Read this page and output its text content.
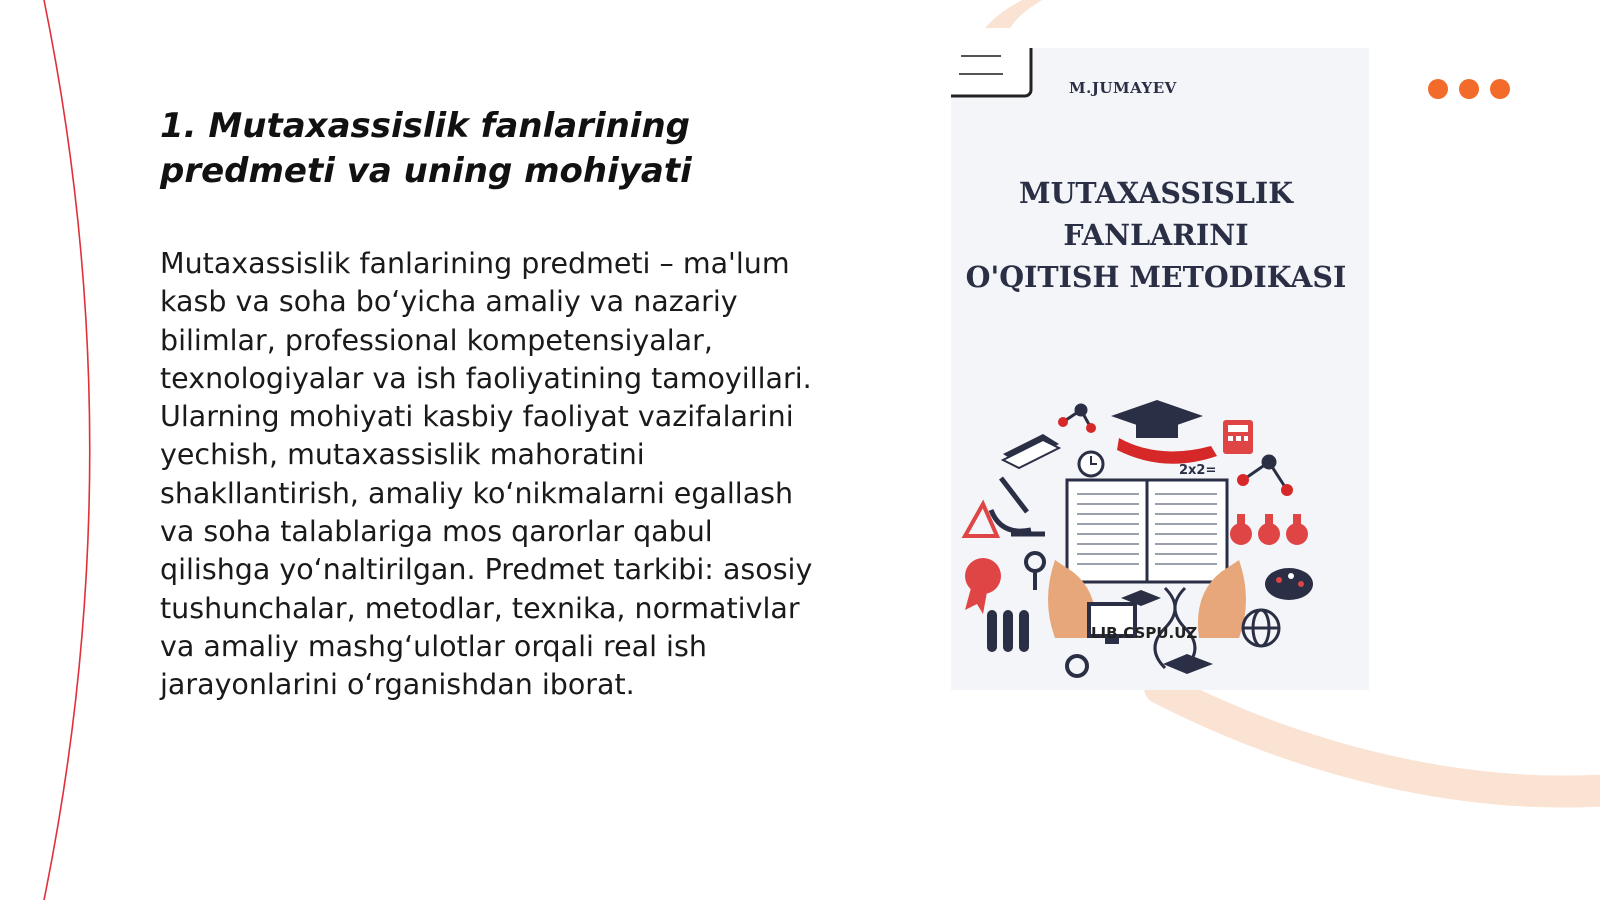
1. Mutaxassislik fanlarining predmeti va uning mohiyati
Mutaxassislik fanlarining predmeti – ma'lum
kasb va soha bo‘yicha amaliy va nazariy
bilimlar, professional kompetensiyalar,
texnologiyalar va ish faoliyatining tamoyillari.
Ularning mohiyati kasbiy faoliyat vazifalarini
yechish, mutaxassislik mahoratini
shakllantirish, amaliy ko‘nikmalarni egallash
va soha talablariga mos qarorlar qabul
qilishga yo‘naltirilgan. Predmet tarkibi: asosiy
tushunchalar, metodlar, texnika, normativlar
va amaliy mashg‘ulotlar orqali real ish
jarayonlarini o‘rganishdan iborat.
M.JUMAYEV
MUTAXASSISLIK
FANLARINI
O'QITISH METODIKASI
2x2=
LIB.CSPU.UZ
